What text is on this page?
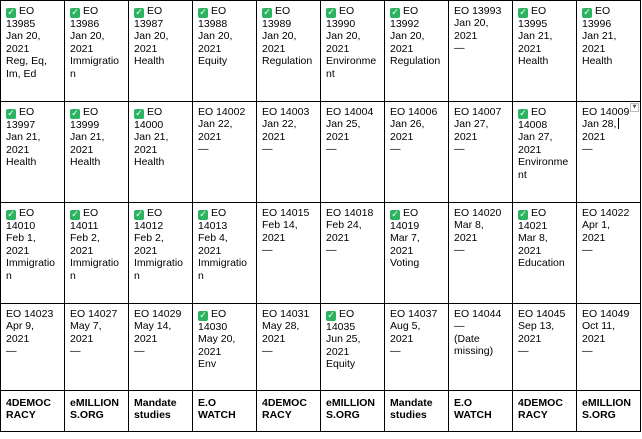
✓ EO
13985
Jan 20,
2021
Reg, Eq,
Im, Ed
✓ EO
13986
Jan 20,
2021
Immigratio
n
✓ EO
13987
Jan 20,
2021
Health
✓ EO
13988
Jan 20,
2021
Equity
✓ EO
13989
Jan 20,
2021
Regulation
✓ EO
13990
Jan 20,
2021
Environme
nt
✓ EO
13992
Jan 20,
2021
Regulation
EO 13993
Jan 20,
2021
—
✓ EO
13995
Jan 21,
2021
Health
✓ EO
13996
Jan 21,
2021
Health
✓ EO
13997
Jan 21,
2021
Health
✓ EO
13999
Jan 21,
2021
Health
✓ EO
14000
Jan 21,
2021
Health
EO 14002
Jan 22,
2021
—
EO 14003
Jan 22,
2021
—
EO 14004
Jan 25,
2021
—
EO 14006
Jan 26,
2021
—
EO 14007
Jan 27,
2021
—
✓ EO
14008
Jan 27,
2021
Environme
nt
EO 14009
Jan 28,
2021
—
▼
✓ EO
14010
Feb 1,
2021
Immigratio
n
✓ EO
14011
Feb 2,
2021
Immigratio
n
✓ EO
14012
Feb 2,
2021
Immigratio
n
✓ EO
14013
Feb 4,
2021
Immigratio
n
EO 14015
Feb 14,
2021
—
EO 14018
Feb 24,
2021
—
✓ EO
14019
Mar 7,
2021
Voting
EO 14020
Mar 8,
2021
—
✓ EO
14021
Mar 8,
2021
Education
EO 14022
Apr 1,
2021
—
EO 14023
Apr 9,
2021
—
EO 14027
May 7,
2021
—
EO 14029
May 14,
2021
—
✓ EO
14030
May 20,
2021
Env
EO 14031
May 28,
2021
—
✓ EO
14035
Jun 25,
2021
Equity
EO 14037
Aug 5,
2021
—
EO 14044
—
(Date
missing)
EO 14045
Sep 13,
2021
—
EO 14049
Oct 11,
2021
—
4DEMOC
RACY
eMILLION
S.ORG
Mandate
studies
E.O
WATCH
4DEMOC
RACY
eMILLION
S.ORG
Mandate
studies
E.O
WATCH
4DEMOC
RACY
eMILLION
S.ORG
